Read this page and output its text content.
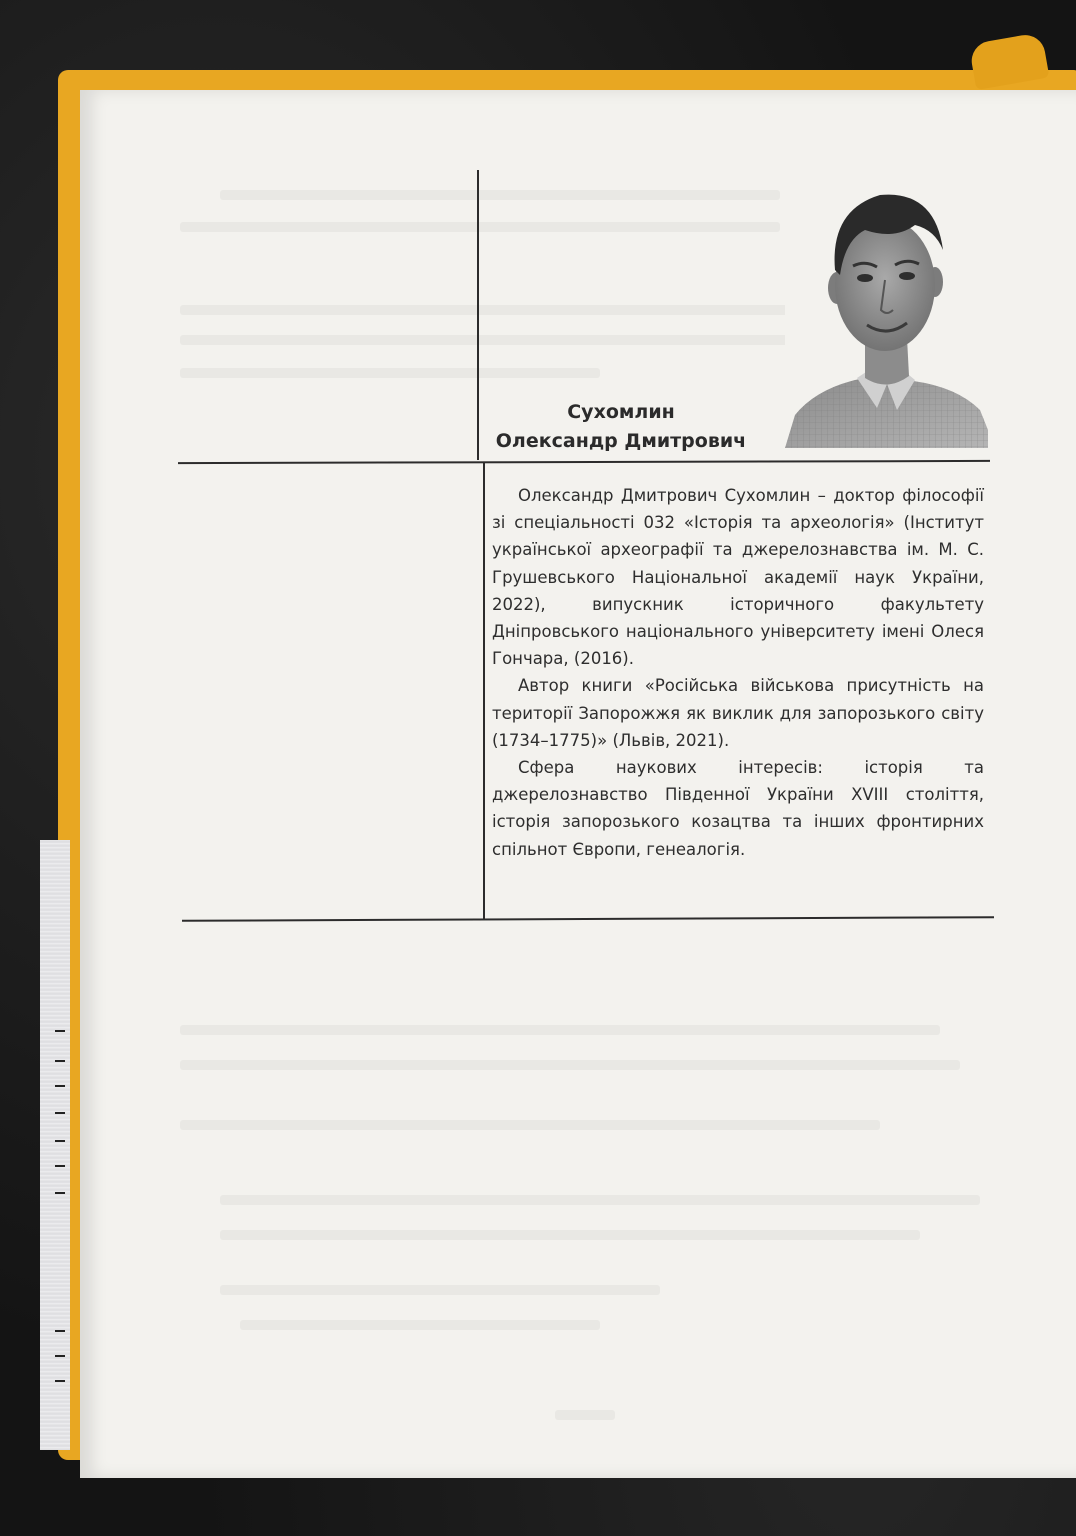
Сухомлин
Олександр Дмитрович

Олександр Дмитрович Сухомлин – доктор філософії зі спеціальності 032 «Історія та археологія» (Інститут української археографії та джерелознавства ім. М. С. Грушевського Національної академії наук України, 2022), випускник історичного факультету Дніпровського національного університету імені Олеся Гончара, (2016).

Автор книги «Російська військова присутність на території Запорожжя як виклик для запорозького світу (1734–1775)» (Львів, 2021).

Сфера наукових інтересів: історія та джерелознавство Південної України XVIII століття, історія запорозького козацтва та інших фронтирних спільнот Європи, генеалогія.
